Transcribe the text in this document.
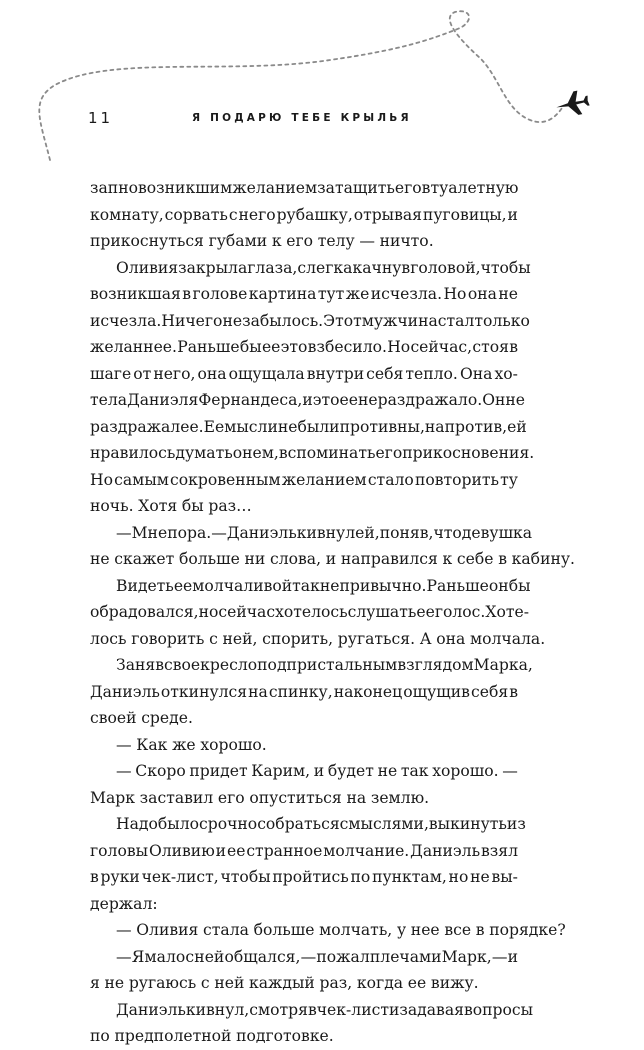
11	Я ПОДАРЮ ТЕБЕ КРЫЛЬЯ
запно возникшим желанием затащить его в туалетную
комнату, сорвать с него рубашку, отрывая пуговицы, и
прикоснуться губами к его телу — ничто.
Оливия закрыла глаза, слегка качнув головой, чтобы
возникшая в голове картина тут же исчезла. Но она не
исчезла. Ничего не забылось. Этот мужчина стал только
желаннее. Раньше бы ее это взбесило. Но сейчас, стоя в
шаге от него, она ощущала внутри себя тепло. Она хо-
тела Даниэля Фернандеса, и это ее не раздражало. Он не
раздражал ее. Ее мысли не были противны, напротив, ей
нравилось думать о нем, вспоминать его прикосновения.
Но самым сокровенным желанием стало повторить ту
ночь. Хотя бы раз…
— Мне пора. — Даниэль кивнул ей, поняв, что девушка
не скажет больше ни слова, и направился к себе в кабину.
Видеть ее молчаливой так непривычно. Раньше он бы
обрадовался, но сейчас хотелось слушать ее голос. Хоте-
лось говорить с ней, спорить, ругаться. А она молчала.
Заняв свое кресло под пристальным взглядом Марка,
Даниэль откинулся на спинку, наконец ощущив себя в
своей среде.
— Как же хорошо.
— Скоро придет Карим, и будет не так хорошо. —
Марк заставил его опуститься на землю.
Надо было срочно собраться с мыслями, выкинуть из
головы Оливию и ее странное молчание. Даниэль взял
в руки чек-лист, чтобы пройтись по пунктам, но не вы-
держал:
— Оливия стала больше молчать, у нее все в порядке?
— Я мало с ней общался, — пожал плечами Марк, — и
я не ругаюсь с ней каждый раз, когда ее вижу.
Даниэль кивнул, смотря в чек-лист и задавая вопросы
по предполетной подготовке.
